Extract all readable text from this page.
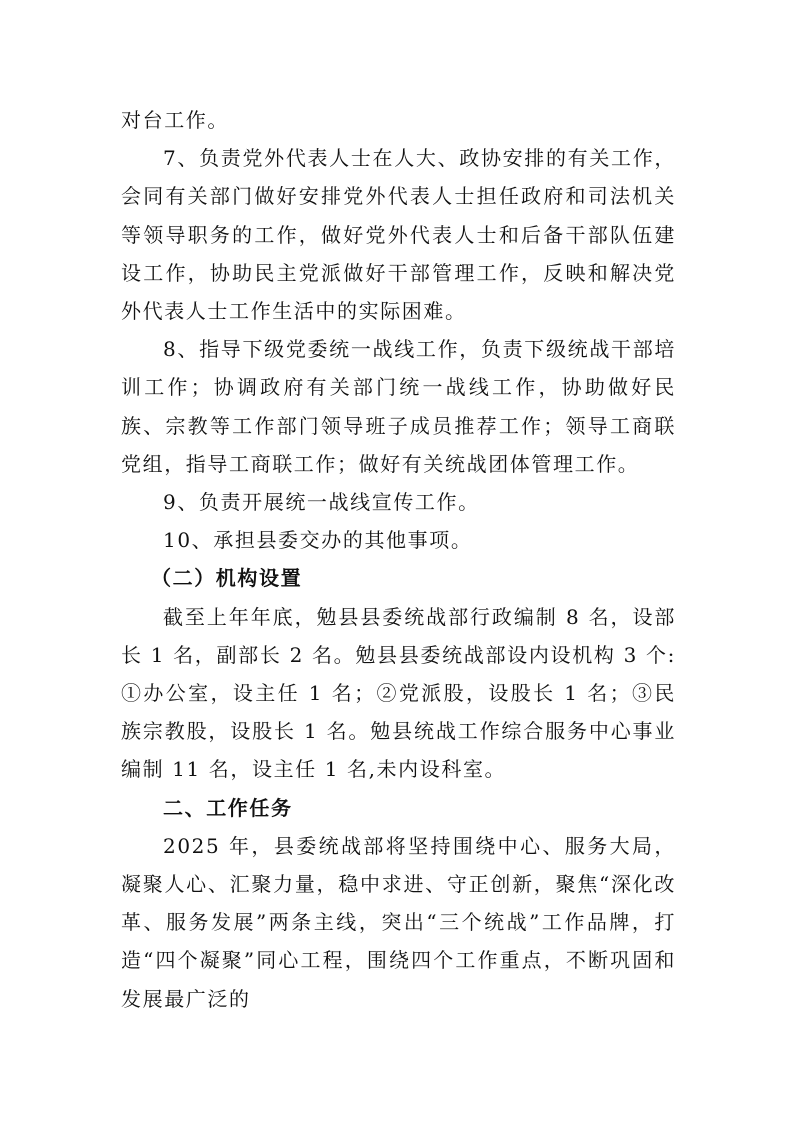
对台工作。

7、负责党外代表人士在人大、政协安排的有关工作，会同有关部门做好安排党外代表人士担任政府和司法机关等领导职务的工作，做好党外代表人士和后备干部队伍建设工作，协助民主党派做好干部管理工作，反映和解决党外代表人士工作生活中的实际困难。

8、指导下级党委统一战线工作，负责下级统战干部培训工作；协调政府有关部门统一战线工作，协助做好民族、宗教等工作部门领导班子成员推荐工作；领导工商联党组，指导工商联工作；做好有关统战团体管理工作。

9、负责开展统一战线宣传工作。

10、承担县委交办的其他事项。

（二）机构设置

截至上年年底，勉县县委统战部行政编制 8 名，设部长 1 名，副部长 2 名。勉县县委统战部设内设机构 3 个: ①办公室，设主任 1 名；②党派股，设股长 1 名；③民族宗教股，设股长 1 名。勉县统战工作综合服务中心事业编制 11 名，设主任 1 名,未内设科室。

二、工作任务

2025 年，县委统战部将坚持围绕中心、服务大局，凝聚人心、汇聚力量，稳中求进、守正创新，聚焦“深化改革、服务发展”两条主线，突出“三个统战”工作品牌，打造“四个凝聚”同心工程，围绕四个工作重点，不断巩固和发展最广泛的
